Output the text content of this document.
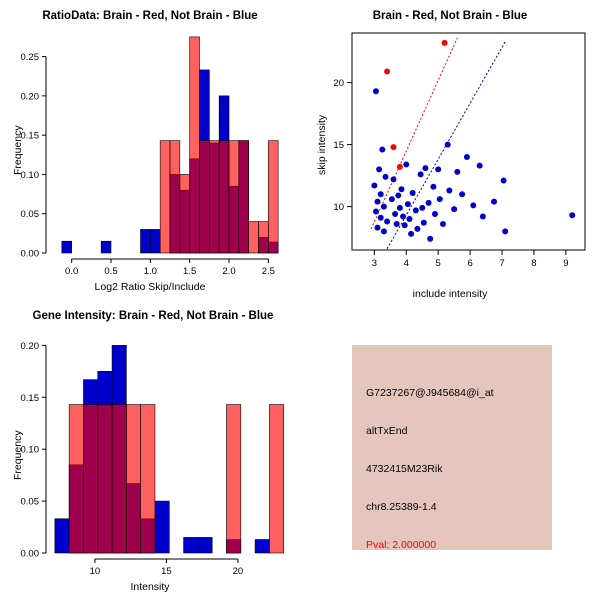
RatioData: Brain - Red, Not Brain - Blue
Frequency
Log2 Ratio Skip/Include
0.00
0.05
0.10
0.15
0.20
0.25
0.0	0.5	1.0	1.5	2.0	2.5
Brain - Red, Not Brain - Blue
skip intensity
include intensity
3	4	5	6	7	8	9
10
15
20
Gene Intensity: Brain - Red, Not Brain - Blue
Frequency
Intensity
0.00
0.05
0.10
0.15
0.20
10	15	20
G7237267@J945684@i_at
altTxEnd
4732415M23Rik
chr8.25389-1.4
Pval: 2.000000
